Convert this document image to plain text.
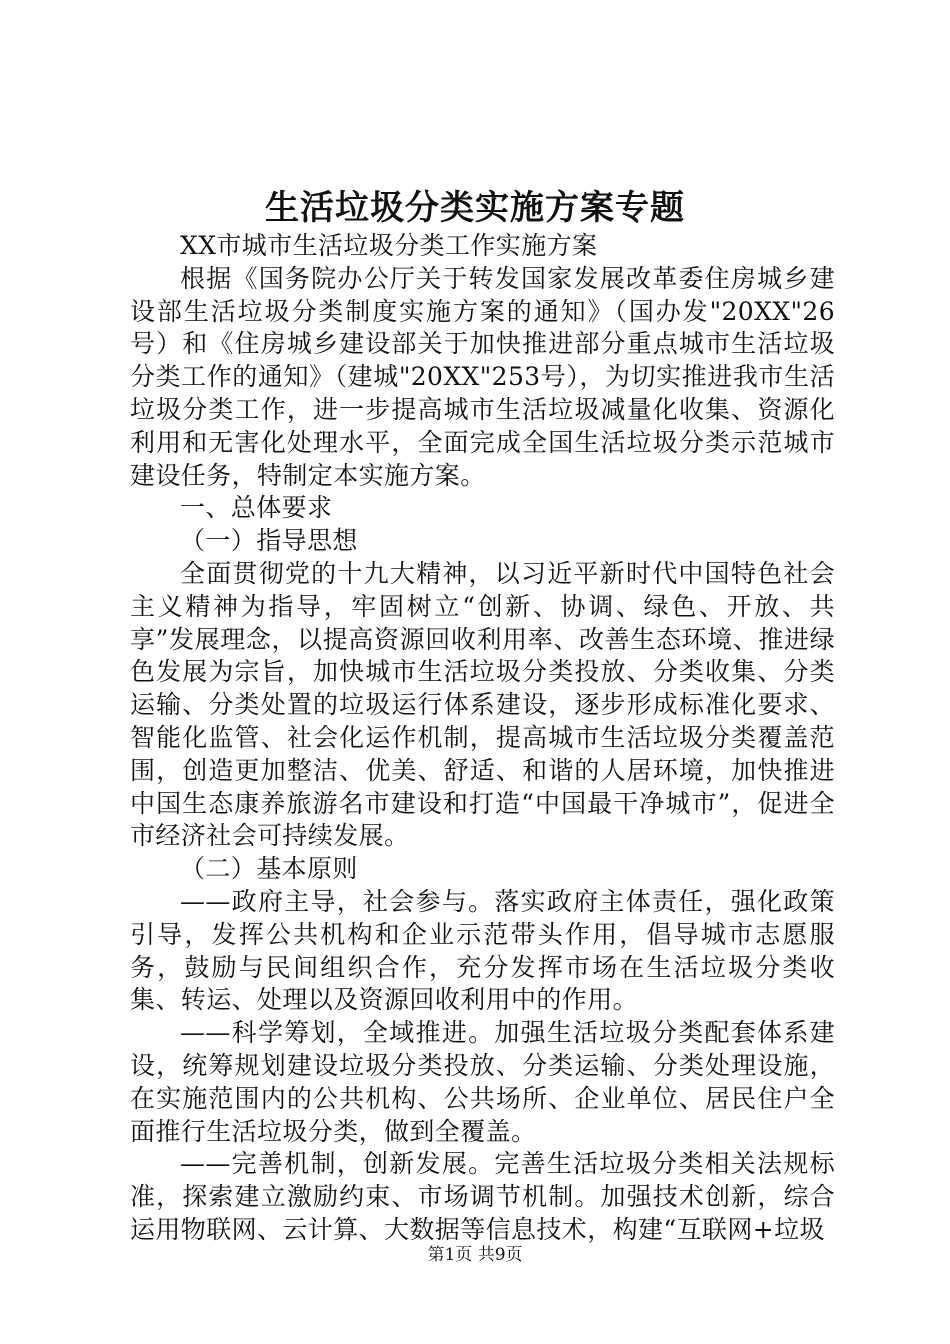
生活垃圾分类实施方案专题

XX市城市生活垃圾分类工作实施方案

根据《国务院办公厅关于转发国家发展改革委住房城乡建设部生活垃圾分类制度实施方案的通知》（国办发"20XX"26号）和《住房城乡建设部关于加快推进部分重点城市生活垃圾分类工作的通知》（建城"20XX"253号），为切实推进我市生活垃圾分类工作，进一步提高城市生活垃圾减量化收集、资源化利用和无害化处理水平，全面完成全国生活垃圾分类示范城市建设任务，特制定本实施方案。

一、总体要求

（一）指导思想

全面贯彻党的十九大精神，以习近平新时代中国特色社会主义精神为指导，牢固树立“创新、协调、绿色、开放、共享”发展理念，以提高资源回收利用率、改善生态环境、推进绿色发展为宗旨，加快城市生活垃圾分类投放、分类收集、分类运输、分类处置的垃圾运行体系建设，逐步形成标准化要求、智能化监管、社会化运作机制，提高城市生活垃圾分类覆盖范围，创造更加整洁、优美、舒适、和谐的人居环境，加快推进中国生态康养旅游名市建设和打造“中国最干净城市”，促进全市经济社会可持续发展。

（二）基本原则

——政府主导，社会参与。落实政府主体责任，强化政策引导，发挥公共机构和企业示范带头作用，倡导城市志愿服务，鼓励与民间组织合作，充分发挥市场在生活垃圾分类收集、转运、处理以及资源回收利用中的作用。

——科学筹划，全域推进。加强生活垃圾分类配套体系建设，统筹规划建设垃圾分类投放、分类运输、分类处理设施，在实施范围内的公共机构、公共场所、企业单位、居民住户全面推行生活垃圾分类，做到全覆盖。

——完善机制，创新发展。完善生活垃圾分类相关法规标准，探索建立激励约束、市场调节机制。加强技术创新，综合运用物联网、云计算、大数据等信息技术，构建“互联网+垃圾

第1页 共9页
